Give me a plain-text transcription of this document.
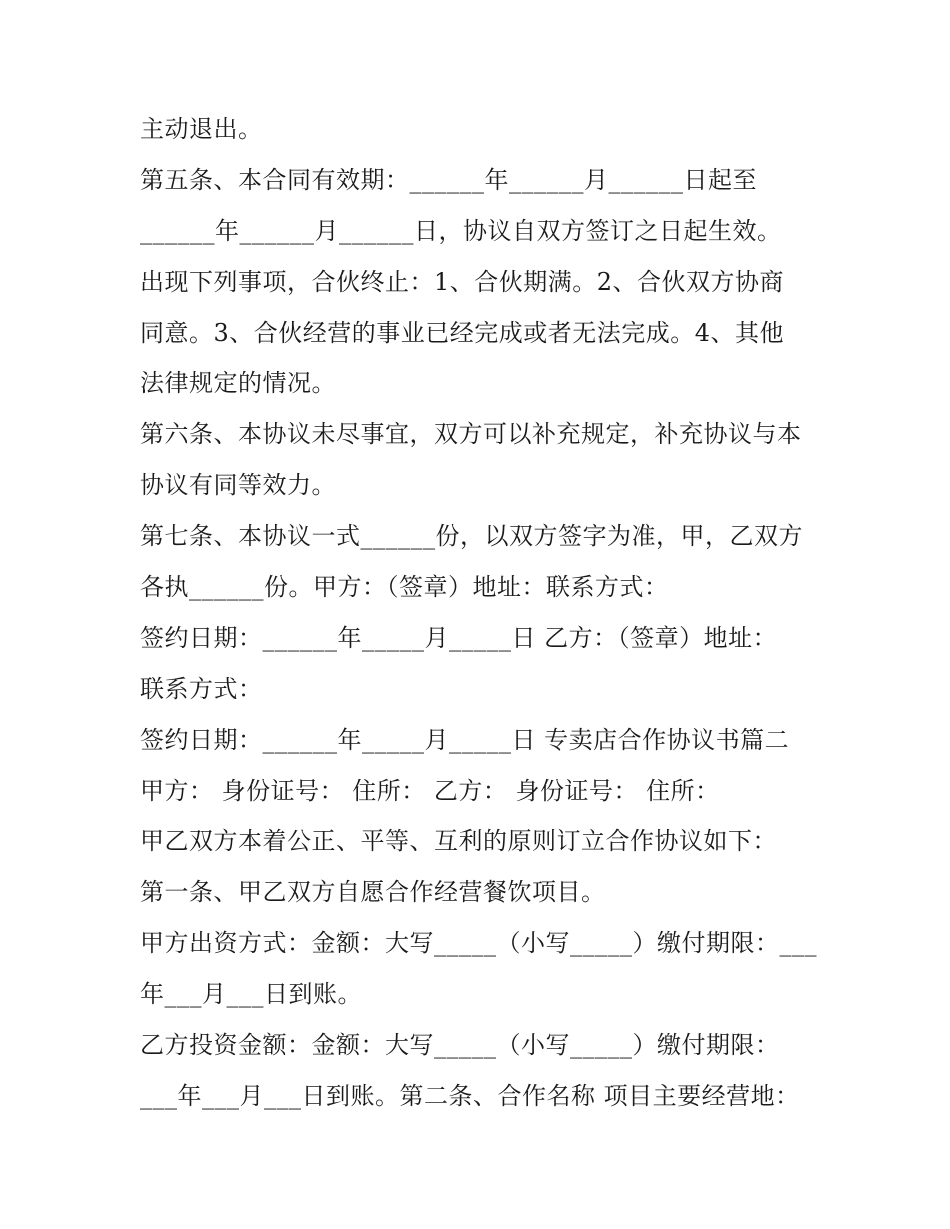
主动退出。
第五条、本合同有效期：______年______月______日起至
______年______月______日，协议自双方签订之日起生效。
出现下列事项，合伙终止：1、合伙期满。2、合伙双方协商
同意。3、合伙经营的事业已经完成或者无法完成。4、其他
法律规定的情况。
第六条、本协议未尽事宜，双方可以补充规定，补充协议与本
协议有同等效力。
第七条、本协议一式______份，以双方签字为准，甲，乙双方
各执______份。甲方：（签章）地址：联系方式：
签约日期：______年_____月_____日 乙方：（签章）地址：
联系方式：
签约日期：______年_____月_____日 专卖店合作协议书篇二
甲方： 身份证号： 住所： 乙方： 身份证号： 住所：
甲乙双方本着公正、平等、互利的原则订立合作协议如下：
第一条、甲乙双方自愿合作经营餐饮项目。
甲方出资方式：金额：大写_____（小写_____）缴付期限：___
年___月___日到账。
乙方投资金额：金额：大写_____（小写_____）缴付期限：
___年___月___日到账。第二条、合作名称 项目主要经营地：
